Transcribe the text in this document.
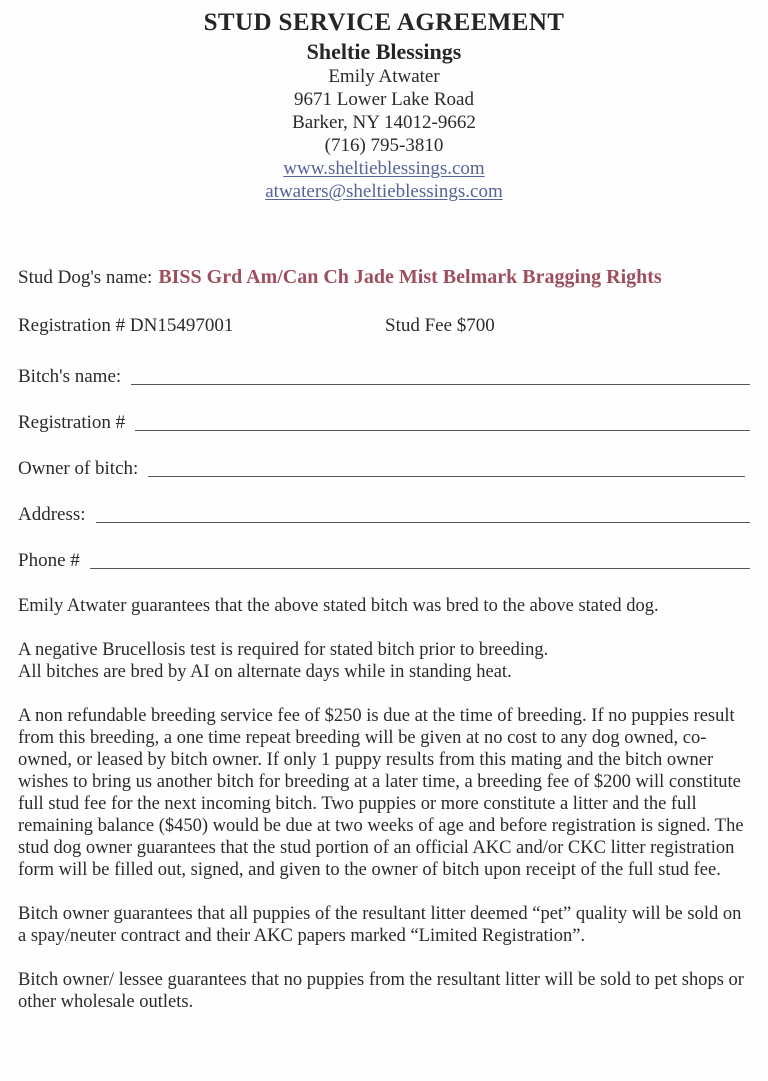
STUD SERVICE AGREEMENT
Sheltie Blessings
Emily Atwater
9671 Lower Lake Road
Barker, NY 14012-9662
(716) 795-3810
www.sheltieblessings.com
atwaters@sheltieblessings.com
Stud Dog's name: BISS Grd Am/Can Ch Jade Mist Belmark Bragging Rights
Registration # DN15497001	Stud Fee $700
Bitch's name:
Registration #
Owner of bitch:
Address:
Phone #

Emily Atwater guarantees that the above stated bitch was bred to the above stated dog.

A negative Brucellosis test is required for stated bitch prior to breeding.
All bitches are bred by AI on alternate days while in standing heat.

A non refundable breeding service fee of $250 is due at the time of breeding. If no puppies result from this breeding, a one time repeat breeding will be given at no cost to any dog owned, co-owned, or leased by bitch owner. If only 1 puppy results from this mating and the bitch owner wishes to bring us another bitch for breeding at a later time, a breeding fee of $200 will constitute full stud fee for the next incoming bitch. Two puppies or more constitute a litter and the full remaining balance ($450) would be due at two weeks of age and before registration is signed. The stud dog owner guarantees that the stud portion of an official AKC and/or CKC litter registration form will be filled out, signed, and given to the owner of bitch upon receipt of the full stud fee.

Bitch owner guarantees that all puppies of the resultant litter deemed “pet” quality will be sold on a spay/neuter contract and their AKC papers marked “Limited Registration”.

Bitch owner/ lessee guarantees that no puppies from the resultant litter will be sold to pet shops or other wholesale outlets.
